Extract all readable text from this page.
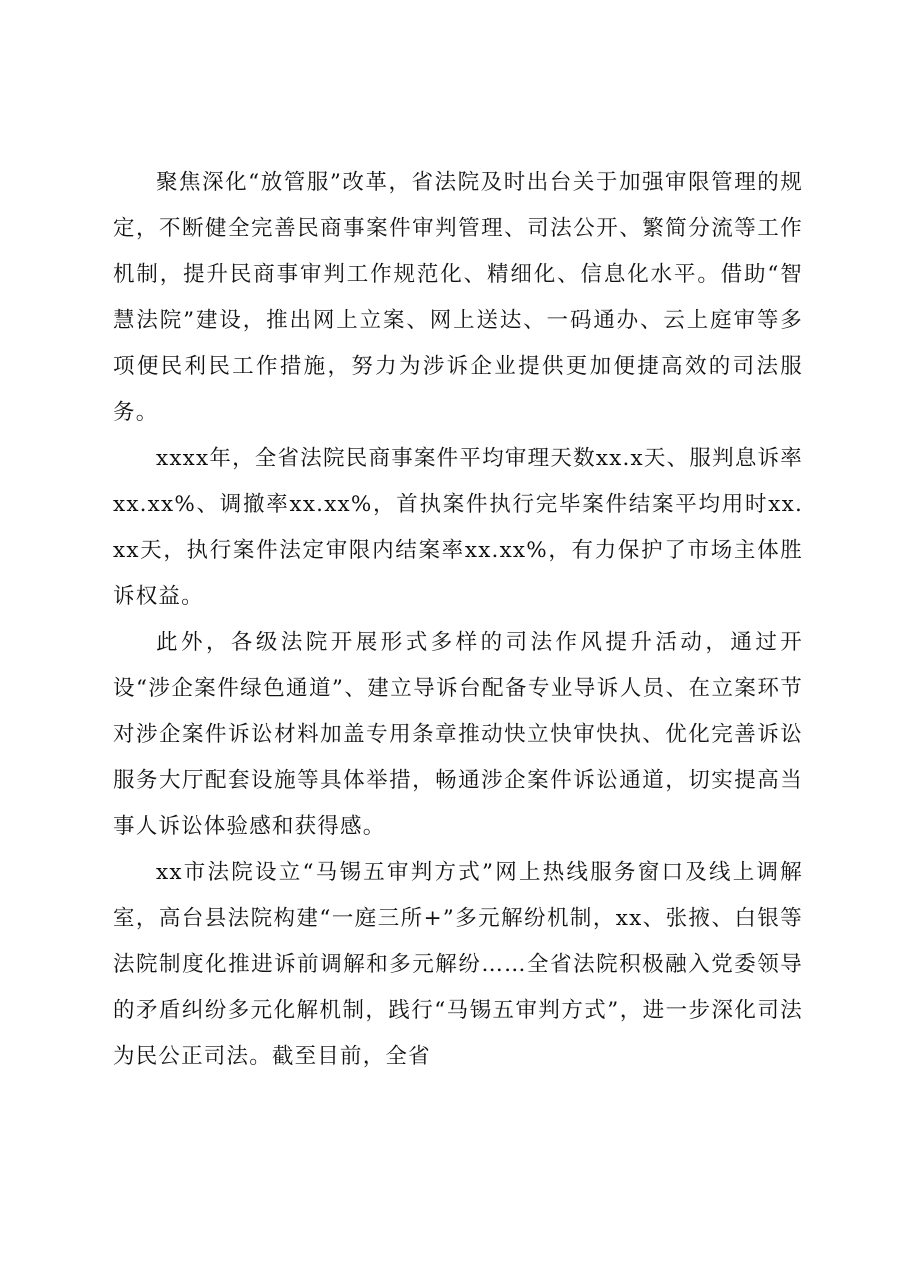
聚焦深化“放管服”改革，省法院及时出台关于加强审限管理的规定，不断健全完善民商事案件审判管理、司法公开、繁简分流等工作机制，提升民商事审判工作规范化、精细化、信息化水平。借助“智慧法院”建设，推出网上立案、网上送达、一码通办、云上庭审等多项便民利民工作措施，努力为涉诉企业提供更加便捷高效的司法服务。

xxxx年，全省法院民商事案件平均审理天数xx.x天、服判息诉率xx.xx%、调撤率xx.xx%，首执案件执行完毕案件结案平均用时xx.xx天，执行案件法定审限内结案率xx.xx%，有力保护了市场主体胜诉权益。

此外，各级法院开展形式多样的司法作风提升活动，通过开设“涉企案件绿色通道”、建立导诉台配备专业导诉人员、在立案环节对涉企案件诉讼材料加盖专用条章推动快立快审快执、优化完善诉讼服务大厅配套设施等具体举措，畅通涉企案件诉讼通道，切实提高当事人诉讼体验感和获得感。

xx市法院设立“马锡五审判方式”网上热线服务窗口及线上调解室，高台县法院构建“一庭三所+”多元解纷机制，xx、张掖、白银等法院制度化推进诉前调解和多元解纷……全省法院积极融入党委领导的矛盾纠纷多元化解机制，践行“马锡五审判方式”，进一步深化司法为民公正司法。截至目前，全省
